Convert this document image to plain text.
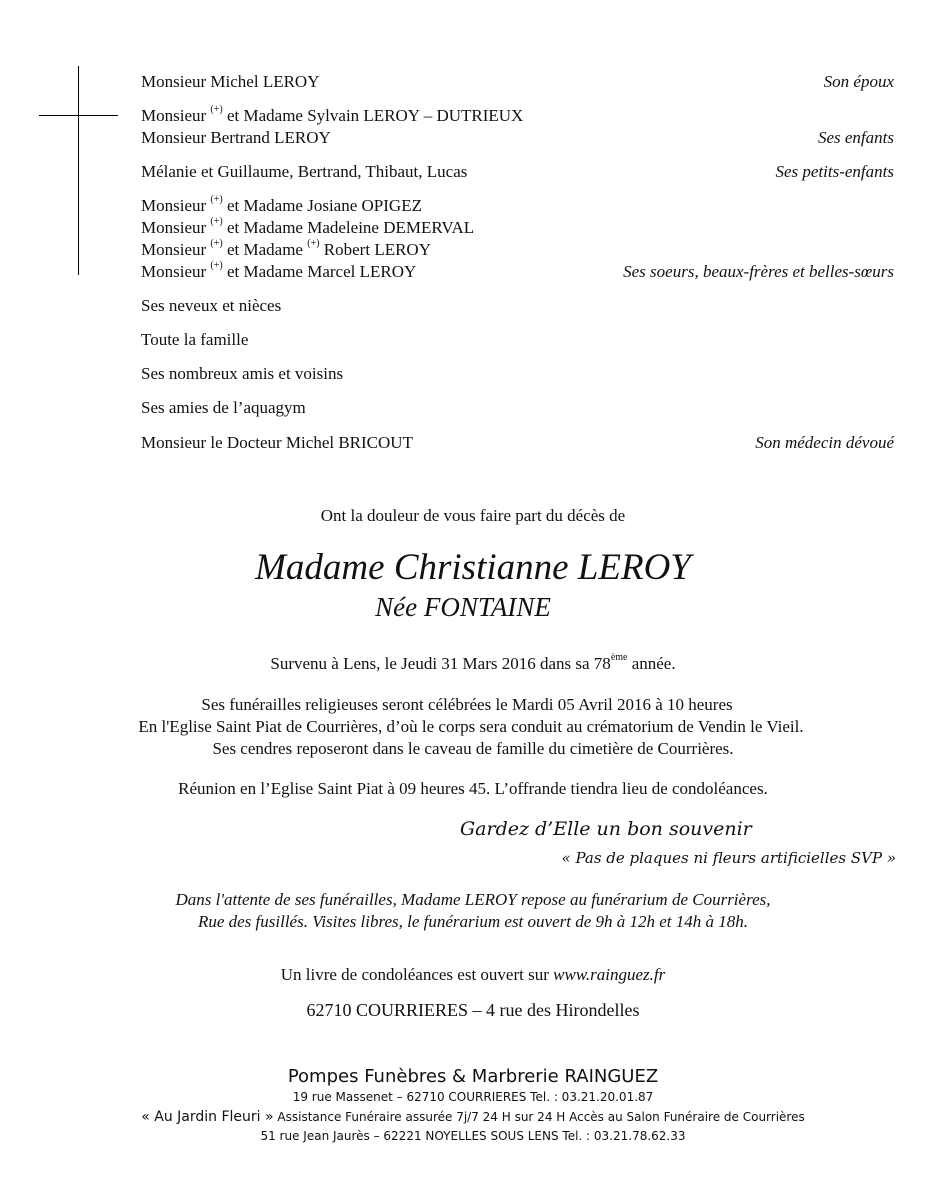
Monsieur Michel LEROY	Son époux
Monsieur (+) et Madame Sylvain LEROY – DUTRIEUX
Monsieur Bertrand LEROY	Ses enfants
Mélanie et Guillaume, Bertrand, Thibaut, Lucas	Ses petits-enfants
Monsieur (+) et Madame Josiane OPIGEZ
Monsieur (+) et Madame Madeleine DEMERVAL
Monsieur (+) et Madame (+) Robert LEROY
Monsieur (+) et Madame Marcel LEROY	Ses soeurs, beaux-frères et belles-sœurs
Ses neveux et nièces
Toute la famille
Ses nombreux amis et voisins
Ses amies de l’aquagym
Monsieur le Docteur Michel BRICOUT	Son médecin dévoué
Ont la douleur de vous faire part du décès de
Madame Christianne LEROY
Née FONTAINE
Survenu à Lens, le Jeudi 31 Mars 2016 dans sa 78ème année.
Ses funérailles religieuses seront célébrées le Mardi 05 Avril 2016 à 10 heures
En l'Eglise Saint Piat de Courrières, d’où le corps sera conduit au crématorium de Vendin le Vieil.
Ses cendres reposeront dans le caveau de famille du cimetière de Courrières.
Réunion en l’Eglise Saint Piat à 09 heures 45. L’offrande tiendra lieu de condoléances.
Gardez d’Elle un bon souvenir
« Pas de plaques ni fleurs artificielles SVP »
Dans l'attente de ses funérailles, Madame LEROY repose au funérarium de Courrières,
Rue des fusillés. Visites libres, le funérarium est ouvert de 9h à 12h et 14h à 18h.
Un livre de condoléances est ouvert sur www.rainguez.fr
62710 COURRIERES – 4 rue des Hirondelles
Pompes Funèbres & Marbrerie RAINGUEZ
19 rue Massenet – 62710 COURRIERES Tel. : 03.21.20.01.87
« Au Jardin Fleuri » Assistance Funéraire assurée 7j/7 24 H sur 24 H Accès au Salon Funéraire de Courrières
51 rue Jean Jaurès – 62221 NOYELLES SOUS LENS Tel. : 03.21.78.62.33
